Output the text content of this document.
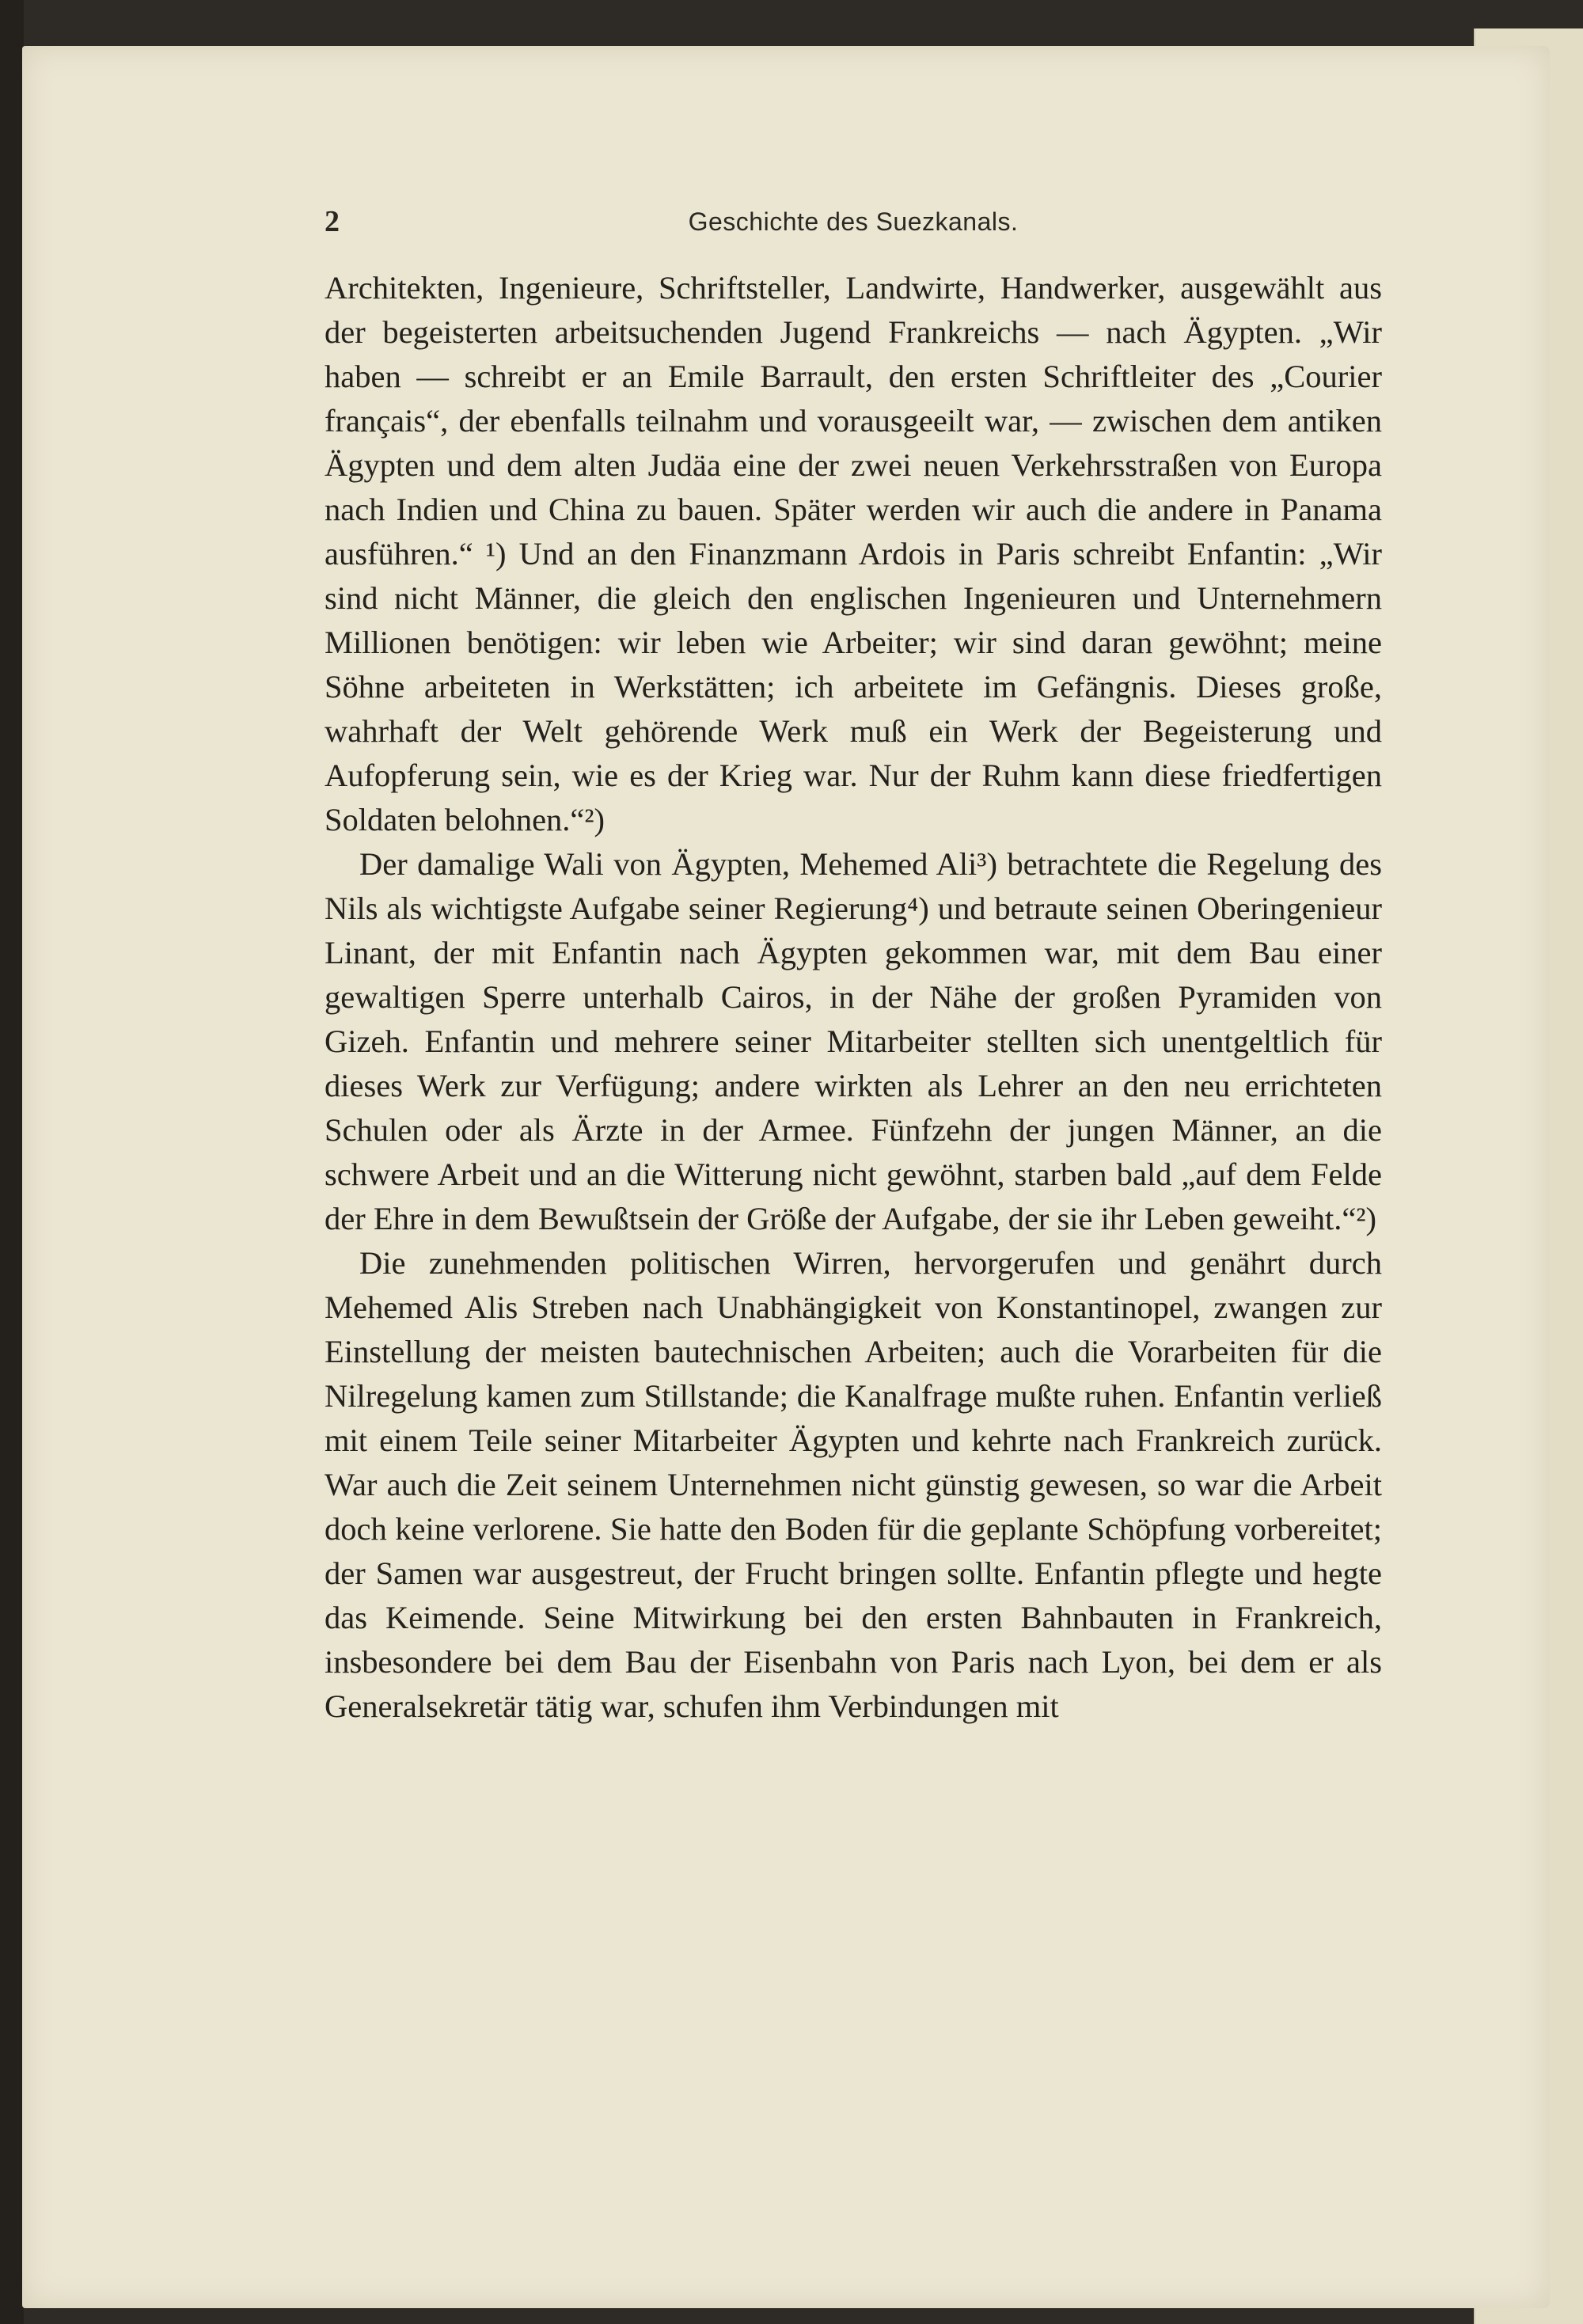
2	Geschichte des Suezkanals.

Architekten, Ingenieure, Schriftsteller, Landwirte, Handwerker, ausgewählt aus der begeisterten arbeitsuchenden Jugend Frankreichs — nach Ägypten. „Wir haben — schreibt er an Emile Barrault, den ersten Schriftleiter des „Courier français“, der ebenfalls teilnahm und vorausgeeilt war, — zwischen dem antiken Ägypten und dem alten Judäa eine der zwei neuen Verkehrsstraßen von Europa nach Indien und China zu bauen. Später werden wir auch die andere in Panama ausführen.“ ¹) Und an den Finanzmann Ardois in Paris schreibt Enfantin: „Wir sind nicht Männer, die gleich den englischen Ingenieuren und Unternehmern Millionen benötigen: wir leben wie Arbeiter; wir sind daran gewöhnt; meine Söhne arbeiteten in Werkstätten; ich arbeitete im Gefängnis. Dieses große, wahrhaft der Welt gehörende Werk muß ein Werk der Begeisterung und Aufopferung sein, wie es der Krieg war. Nur der Ruhm kann diese friedfertigen Soldaten belohnen.“²)

Der damalige Wali von Ägypten, Mehemed Ali³) betrachtete die Regelung des Nils als wichtigste Aufgabe seiner Regierung⁴) und betraute seinen Oberingenieur Linant, der mit Enfantin nach Ägypten gekommen war, mit dem Bau einer gewaltigen Sperre unterhalb Cairos, in der Nähe der großen Pyramiden von Gizeh. Enfantin und mehrere seiner Mitarbeiter stellten sich unentgeltlich für dieses Werk zur Verfügung; andere wirkten als Lehrer an den neu errichteten Schulen oder als Ärzte in der Armee. Fünfzehn der jungen Männer, an die schwere Arbeit und an die Witterung nicht gewöhnt, starben bald „auf dem Felde der Ehre in dem Bewußtsein der Größe der Aufgabe, der sie ihr Leben geweiht.“²)

Die zunehmenden politischen Wirren, hervorgerufen und genährt durch Mehemed Alis Streben nach Unabhängigkeit von Konstantinopel, zwangen zur Einstellung der meisten bautechnischen Arbeiten; auch die Vorarbeiten für die Nilregelung kamen zum Stillstande; die Kanalfrage mußte ruhen. Enfantin verließ mit einem Teile seiner Mitarbeiter Ägypten und kehrte nach Frankreich zurück. War auch die Zeit seinem Unternehmen nicht günstig gewesen, so war die Arbeit doch keine verlorene. Sie hatte den Boden für die geplante Schöpfung vorbereitet; der Samen war ausgestreut, der Frucht bringen sollte. Enfantin pflegte und hegte das Keimende. Seine Mitwirkung bei den ersten Bahnbauten in Frankreich, insbesondere bei dem Bau der Eisenbahn von Paris nach Lyon, bei dem er als Generalsekretär tätig war, schufen ihm Verbindungen mit
